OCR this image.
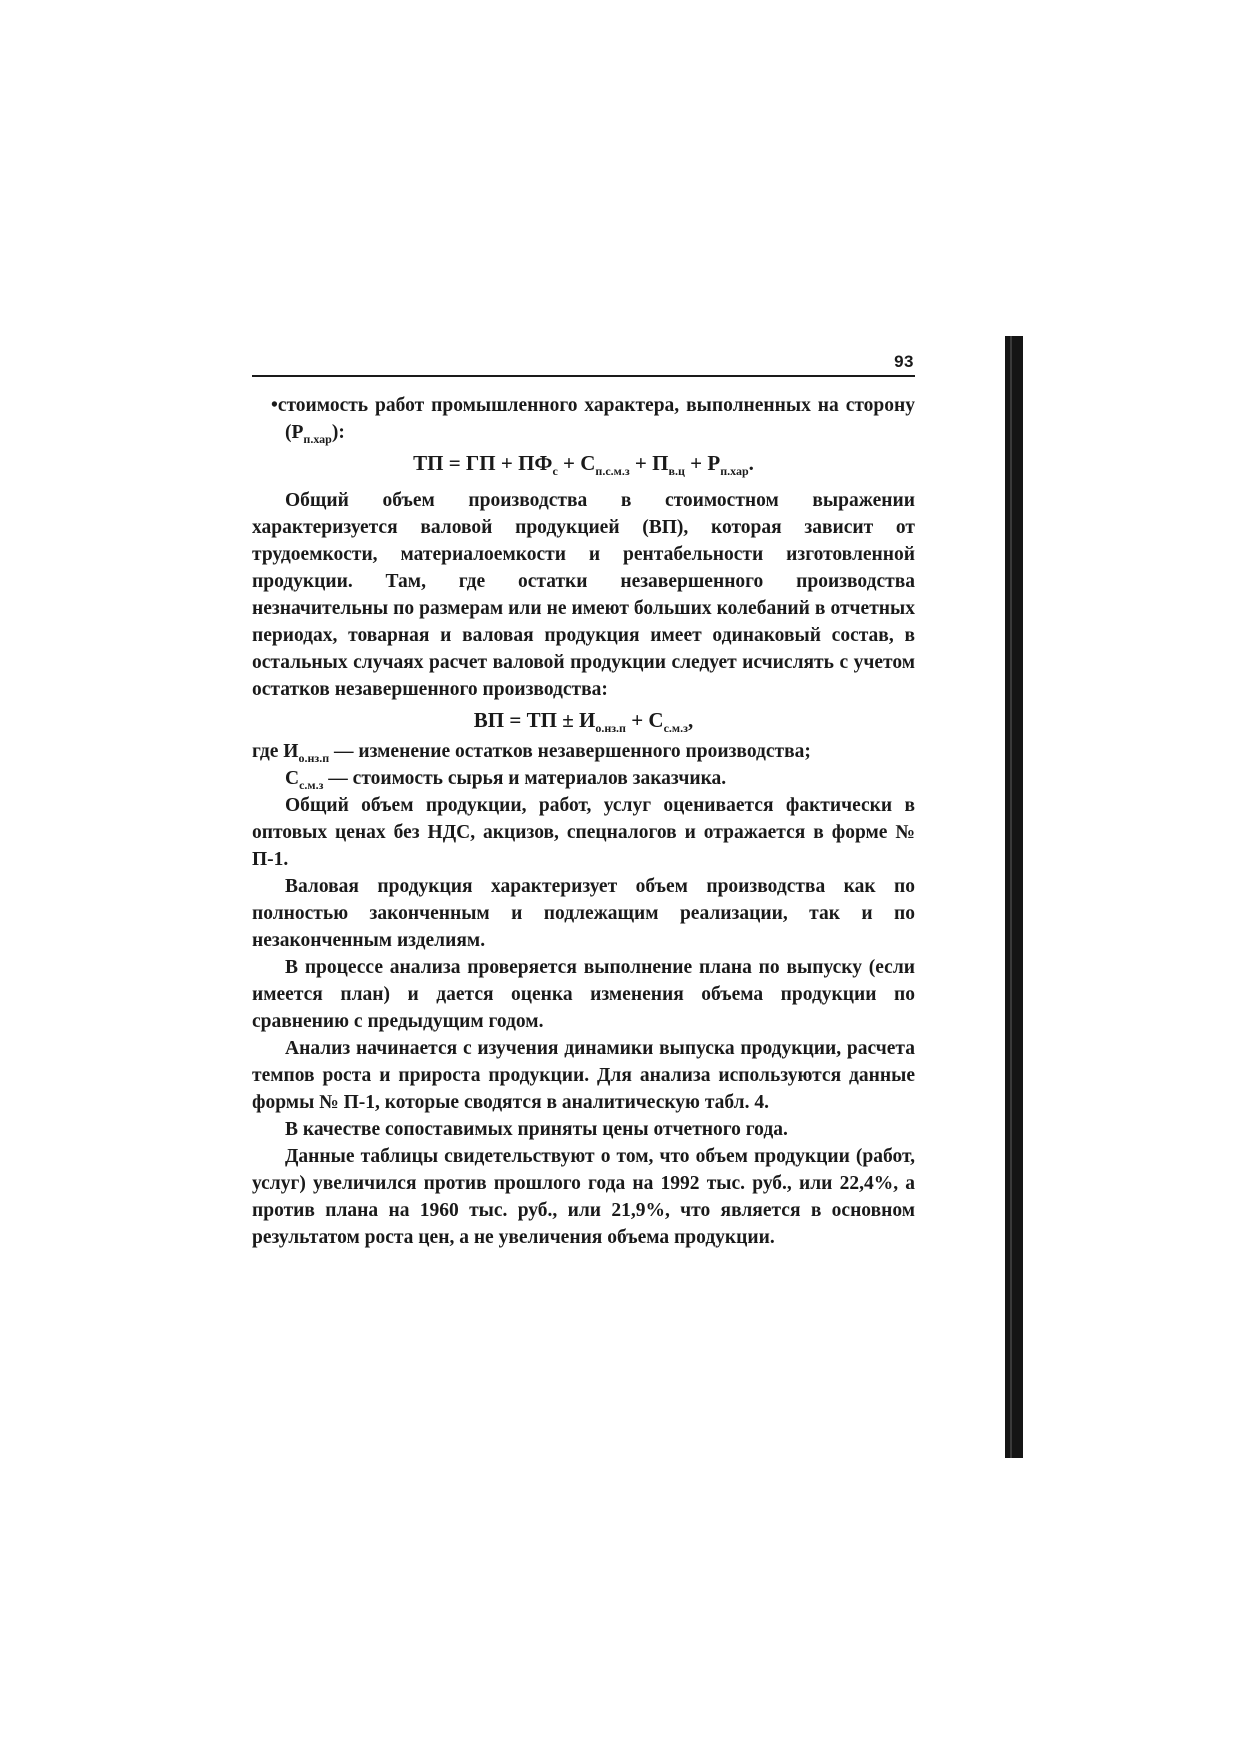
93

•стоимость работ промышленного характера, выполненных на сторону $(Р_{п.хар})$:

ТП = ГП + $ПФ_с + С_{п.с.м.з} + П_{в.ц} + Р_{п.хар}$.

Общий объем производства в стоимостном выражении характеризуется валовой продукцией (ВП), которая зависит от трудоемкости, материалоемкости и рентабельности изготовленной продукции. Там, где остатки незавершенного производства незначительны по размерам или не имеют больших колебаний в отчетных периодах, товарная и валовая продукция имеет одинаковый состав, в остальных случаях расчет валовой продукции следует исчислять с учетом остатков незавершенного производства:

ВП = ТП ± $И_{о.нз.п} + С_{с.м.з}$,

где $И_{о.нз.п}$ — изменение остатков незавершенного производства;

$С_{с.м.з}$ — стоимость сырья и материалов заказчика.

Общий объем продукции, работ, услуг оценивается фактически в оптовых ценах без НДС, акцизов, спецналогов и отражается в форме № П-1.

Валовая продукция характеризует объем производства как по полностью законченным и подлежащим реализации, так и по незаконченным изделиям.

В процессе анализа проверяется выполнение плана по выпуску (если имеется план) и дается оценка изменения объема продукции по сравнению с предыдущим годом.

Анализ начинается с изучения динамики выпуска продукции, расчета темпов роста и прироста продукции. Для анализа используются данные формы № П-1, которые сводятся в аналитическую табл. 4.

В качестве сопоставимых приняты цены отчетного года.

Данные таблицы свидетельствуют о том, что объем продукции (работ, услуг) увеличился против прошлого года на 1992 тыс. руб., или 22,4%, а против плана на 1960 тыс. руб., или 21,9%, что является в основном результатом роста цен, а не увеличения объема продукции.
